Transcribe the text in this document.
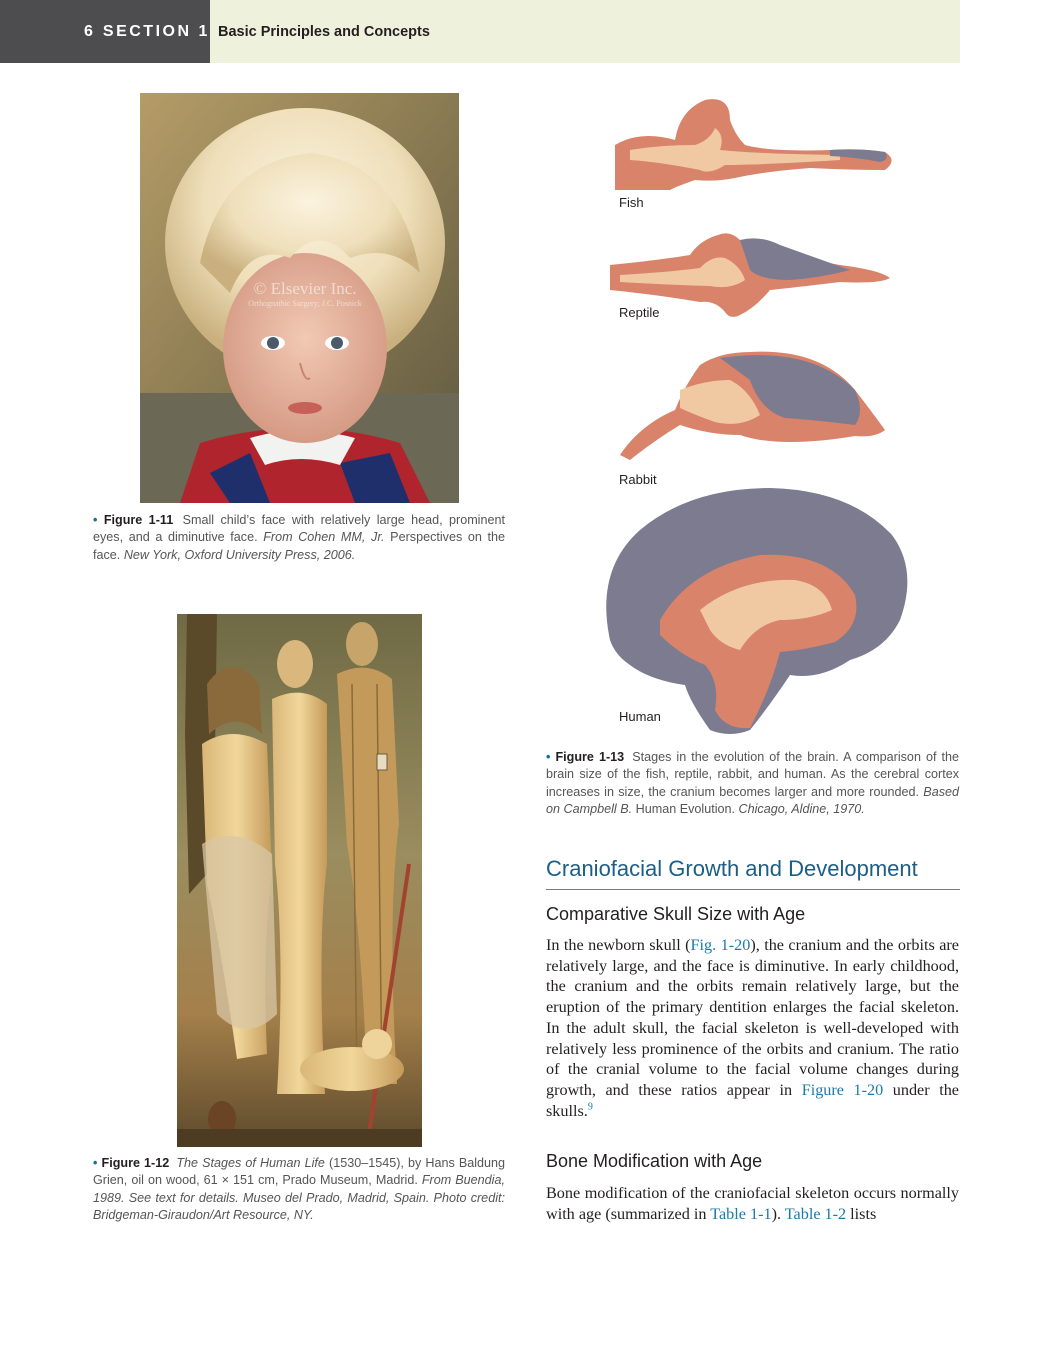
6 SECTION 1 Basic Principles and Concepts
© Elsevier Inc.
Orthognathic Surgery; J.C. Posnick
• Figure 1-11 Small child’s face with relatively large head, prominent eyes, and a diminutive face. From Cohen MM, Jr. Perspectives on the face. New York, Oxford University Press, 2006.
• Figure 1-12 The Stages of Human Life (1530–1545), by Hans Baldung Grien, oil on wood, 61 × 151 cm, Prado Museum, Madrid. From Buendia, 1989. See text for details. Museo del Prado, Madrid, Spain. Photo credit: Bridgeman-Giraudon/Art Resource, NY.
Fish
Reptile
Rabbit
Human
• Figure 1-13 Stages in the evolution of the brain. A comparison of the brain size of the fish, reptile, rabbit, and human. As the cerebral cortex increases in size, the cranium becomes larger and more rounded. Based on Campbell B. Human Evolution. Chicago, Aldine, 1970.
Craniofacial Growth and Development
Comparative Skull Size with Age
In the newborn skull (Fig. 1-20), the cranium and the orbits are relatively large, and the face is diminutive. In early childhood, the cranium and the orbits remain relatively large, but the eruption of the primary dentition enlarges the facial skeleton. In the adult skull, the facial skeleton is well-developed with relatively less prominence of the orbits and cranium. The ratio of the cranial volume to the facial volume changes during growth, and these ratios appear in Figure 1-20 under the skulls.$^9$
Bone Modification with Age
Bone modification of the craniofacial skeleton occurs normally with age (summarized in Table 1-1). Table 1-2 lists
